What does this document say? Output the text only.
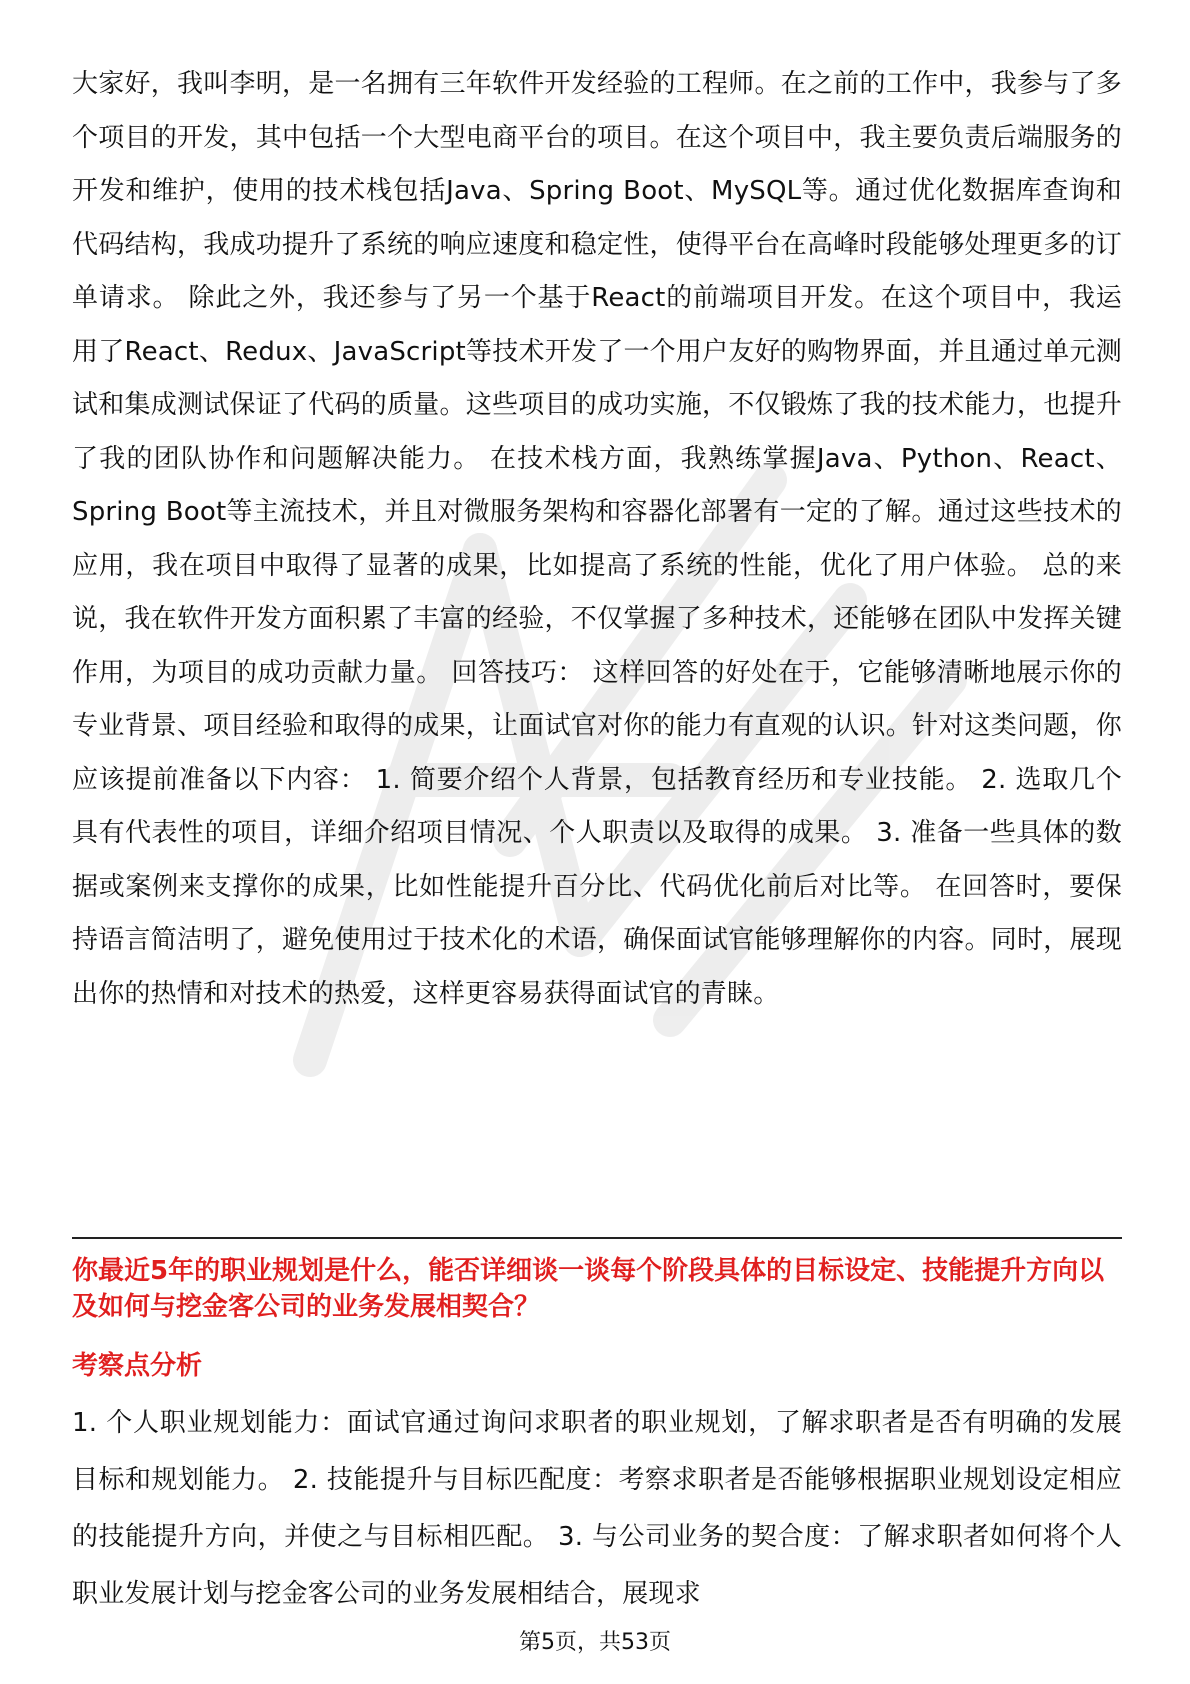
大家好，我叫李明，是一名拥有三年软件开发经验的工程师。在之前的工作中，我参与了多个项目的开发，其中包括一个大型电商平台的项目。在这个项目中，我主要负责后端服务的开发和维护，使用的技术栈包括Java、Spring Boot、MySQL等。通过优化数据库查询和代码结构，我成功提升了系统的响应速度和稳定性，使得平台在高峰时段能够处理更多的订单请求。 除此之外，我还参与了另一个基于React的前端项目开发。在这个项目中，我运用了React、Redux、JavaScript等技术开发了一个用户友好的购物界面，并且通过单元测试和集成测试保证了代码的质量。这些项目的成功实施，不仅锻炼了我的技术能力，也提升了我的团队协作和问题解决能力。 在技术栈方面，我熟练掌握Java、Python、React、Spring Boot等主流技术，并且对微服务架构和容器化部署有一定的了解。通过这些技术的应用，我在项目中取得了显著的成果，比如提高了系统的性能，优化了用户体验。 总的来说，我在软件开发方面积累了丰富的经验，不仅掌握了多种技术，还能够在团队中发挥关键作用，为项目的成功贡献力量。 回答技巧： 这样回答的好处在于，它能够清晰地展示你的专业背景、项目经验和取得的成果，让面试官对你的能力有直观的认识。针对这类问题，你应该提前准备以下内容： 1. 简要介绍个人背景，包括教育经历和专业技能。 2. 选取几个具有代表性的项目，详细介绍项目情况、个人职责以及取得的成果。 3. 准备一些具体的数据或案例来支撑你的成果，比如性能提升百分比、代码优化前后对比等。 在回答时，要保持语言简洁明了，避免使用过于技术化的术语，确保面试官能够理解你的内容。同时，展现出你的热情和对技术的热爱，这样更容易获得面试官的青睐。

你最近5年的职业规划是什么，能否详细谈一谈每个阶段具体的目标设定、技能提升方向以及如何与挖金客公司的业务发展相契合？

考察点分析

1. 个人职业规划能力：面试官通过询问求职者的职业规划，了解求职者是否有明确的发展目标和规划能力。 2. 技能提升与目标匹配度：考察求职者是否能够根据职业规划设定相应的技能提升方向，并使之与目标相匹配。 3. 与公司业务的契合度：了解求职者如何将个人职业发展计划与挖金客公司的业务发展相结合，展现求

第5页，共53页
